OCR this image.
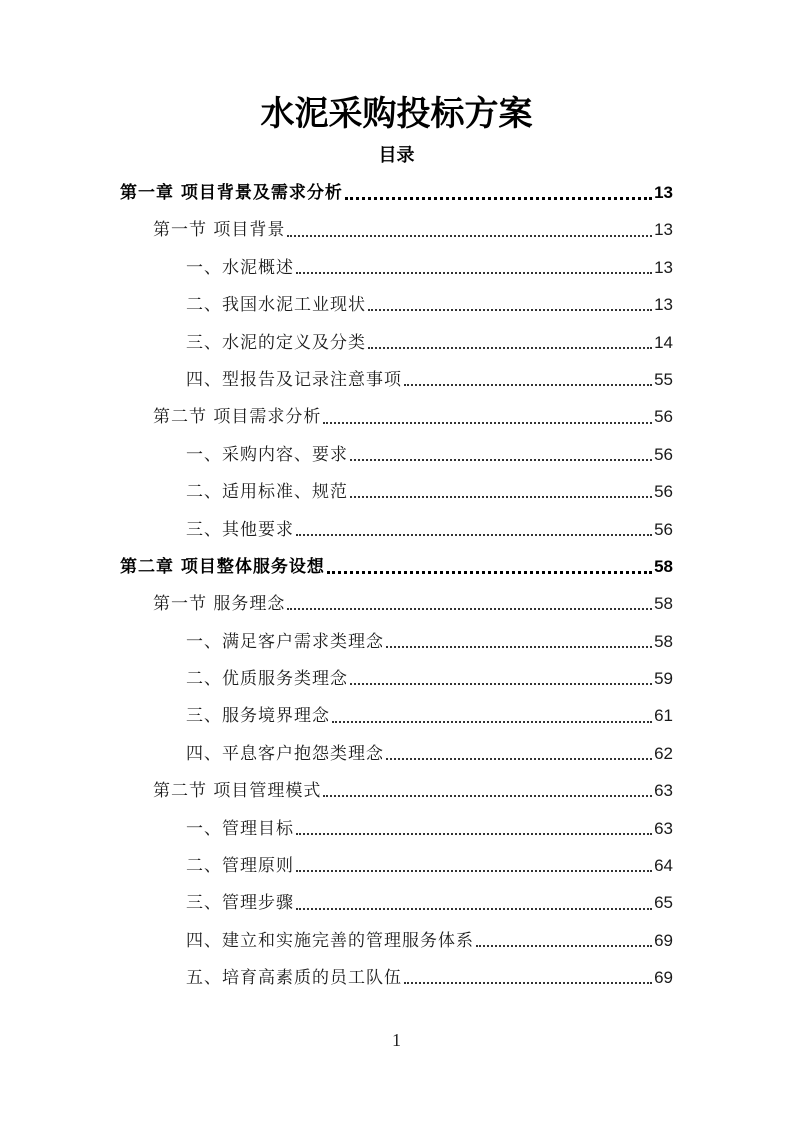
水泥采购投标方案
目录
第一章 项目背景及需求分析	13
第一节 项目背景	13
一、水泥概述	13
二、我国水泥工业现状	13
三、水泥的定义及分类	14
四、型报告及记录注意事项	55
第二节 项目需求分析	56
一、采购内容、要求	56
二、适用标准、规范	56
三、其他要求	56
第二章 项目整体服务设想	58
第一节 服务理念	58
一、满足客户需求类理念	58
二、优质服务类理念	59
三、服务境界理念	61
四、平息客户抱怨类理念	62
第二节 项目管理模式	63
一、管理目标	63
二、管理原则	64
三、管理步骤	65
四、建立和实施完善的管理服务体系	69
五、培育高素质的员工队伍	69
1
